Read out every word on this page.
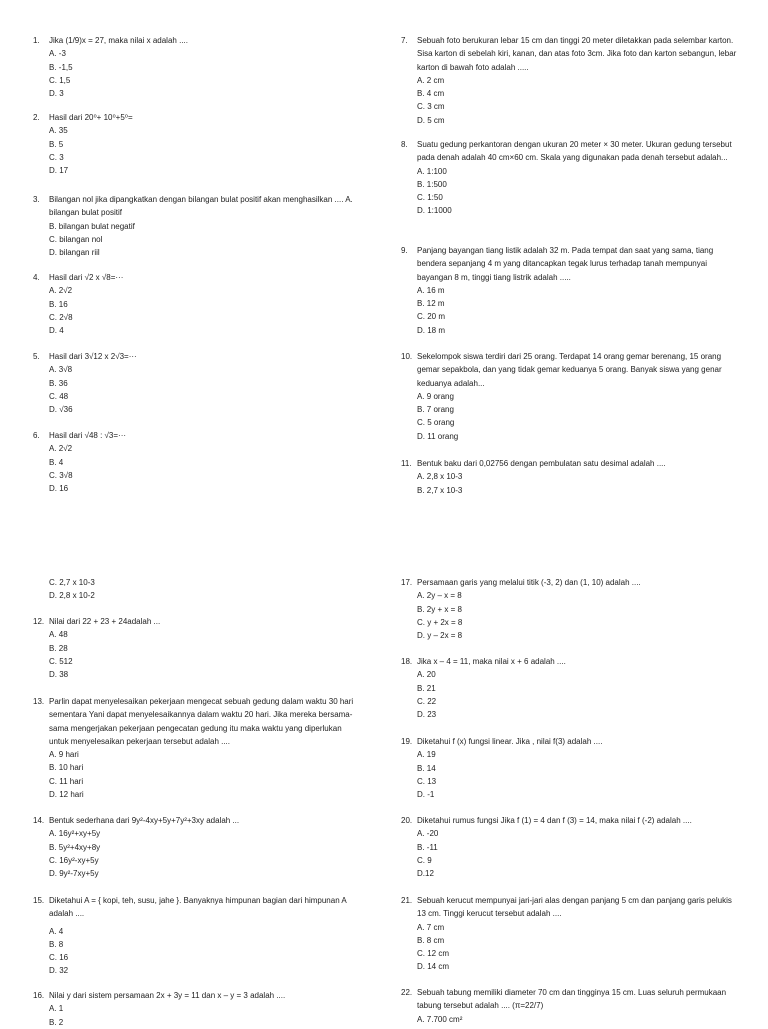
1. Jika (1/9)x = 27, maka nilai x adalah ....
A. -3
B. -1,5
C. 1,5
D. 3
2. Hasil dari 20⁰+ 10⁰+5⁰=
A. 35
B. 5
C. 3
D. 17
3. Bilangan nol jika dipangkatkan dengan bilangan bulat positif akan menghasilkan .... A. bilangan bulat positif
B. bilangan bulat negatif
C. bilangan nol
D. bilangan riil
4. Hasil dari √2 x √8=···
A. 2√2
B. 16
C. 2√8
D. 4
5. Hasil dari 3√12 x 2√3=···
A. 3√8
B. 36
C. 48
D. √36
6. Hasil dari √48 : √3=···
A. 2√2
B. 4
C. 3√8
D. 16
7. Sebuah foto berukuran lebar 15 cm dan tinggi 20 meter diletakkan pada selembar karton. Sisa karton di sebelah kiri, kanan, dan atas foto 3cm. Jika foto dan karton sebangun, lebar karton di bawah foto adalah .....
A. 2 cm
B. 4 cm
C. 3 cm
D. 5 cm
8. Suatu gedung perkantoran dengan ukuran 20 meter × 30 meter. Ukuran gedung tersebut pada denah adalah 40 cm×60 cm. Skala yang digunakan pada denah tersebut adalah...
A. 1:100
B. 1:500
C. 1:50
D. 1:1000
9. Panjang bayangan tiang listik adalah 32 m. Pada tempat dan saat yang sama, tiang bendera sepanjang 4 m yang ditancapkan tegak lurus terhadap tanah mempunyai bayangan 8 m, tinggi tiang listrik adalah .....
A. 16 m
B. 12 m
C. 20 m
D. 18 m
10. Sekelompok siswa terdiri dari 25 orang. Terdapat 14 orang gemar berenang, 15 orang gemar sepakbola, dan yang tidak gemar keduanya 5 orang. Banyak siswa yang genar keduanya adalah...
A. 9 orang
B. 7 orang
C. 5 orang
D. 11 orang
11. Bentuk baku dari 0,02756 dengan pembulatan satu desimal adalah ....
A. 2,8 x 10-3
B. 2,7 x 10-3
C. 2,7 x 10-3
D. 2,8 x 10-2
12. Nilai dari 22 + 23 + 24adalah ...
A. 48
B. 28
C. 512
D. 38
13. Parlin dapat menyelesaikan pekerjaan mengecat sebuah gedung dalam waktu 30 hari sementara Yani dapat menyelesaikannya dalam waktu 20 hari. Jika mereka bersama-sama mengerjakan pekerjaan pengecatan gedung itu maka waktu yang diperlukan untuk menyelesaikan pekerjaan tersebut adalah ....
A. 9 hari
B. 10 hari
C. 11 hari
D. 12 hari
14. Bentuk sederhana dari 9y²-4xy+5y+7y²+3xy adalah ...
A. 16y²+xy+5y
B. 5y²+4xy+8y
C. 16y²-xy+5y
D. 9y²-7xy+5y
15. Diketahui A = { kopi, teh, susu, jahe }. Banyaknya himpunan bagian dari himpunan A adalah ....
A. 4
B. 8
C. 16
D. 32
16. Nilai y dari sistem persamaan 2x + 3y = 11 dan x – y = 3 adalah ....
A. 1
B. 2
17. Persamaan garis yang melalui titik (-3, 2) dan (1, 10) adalah ....
A. 2y – x = 8
B. 2y + x = 8
C. y + 2x = 8
D. y – 2x = 8
18. Jika x – 4 = 11, maka nilai x + 6 adalah ....
A. 20
B. 21
C. 22
D. 23
19. Diketahui f (x) fungsi linear. Jika , nilai f(3) adalah ....
A. 19
B. 14
C. 13
D. -1
20. Diketahui rumus fungsi Jika f (1) = 4 dan f (3) = 14, maka nilai f (-2) adalah ....
A. -20
B. -11
C. 9
D.12
21. Sebuah kerucut mempunyai jari-jari alas dengan panjang 5 cm dan panjang garis pelukis 13 cm. Tinggi kerucut tersebut adalah ....
A. 7 cm
B. 8 cm
C. 12 cm
D. 14 cm
22. Sebuah tabung memiliki diameter 70 cm dan tingginya 15 cm. Luas seluruh permukaan tabung tersebut adalah .... (π=22/7)
A. 7.700 cm²
